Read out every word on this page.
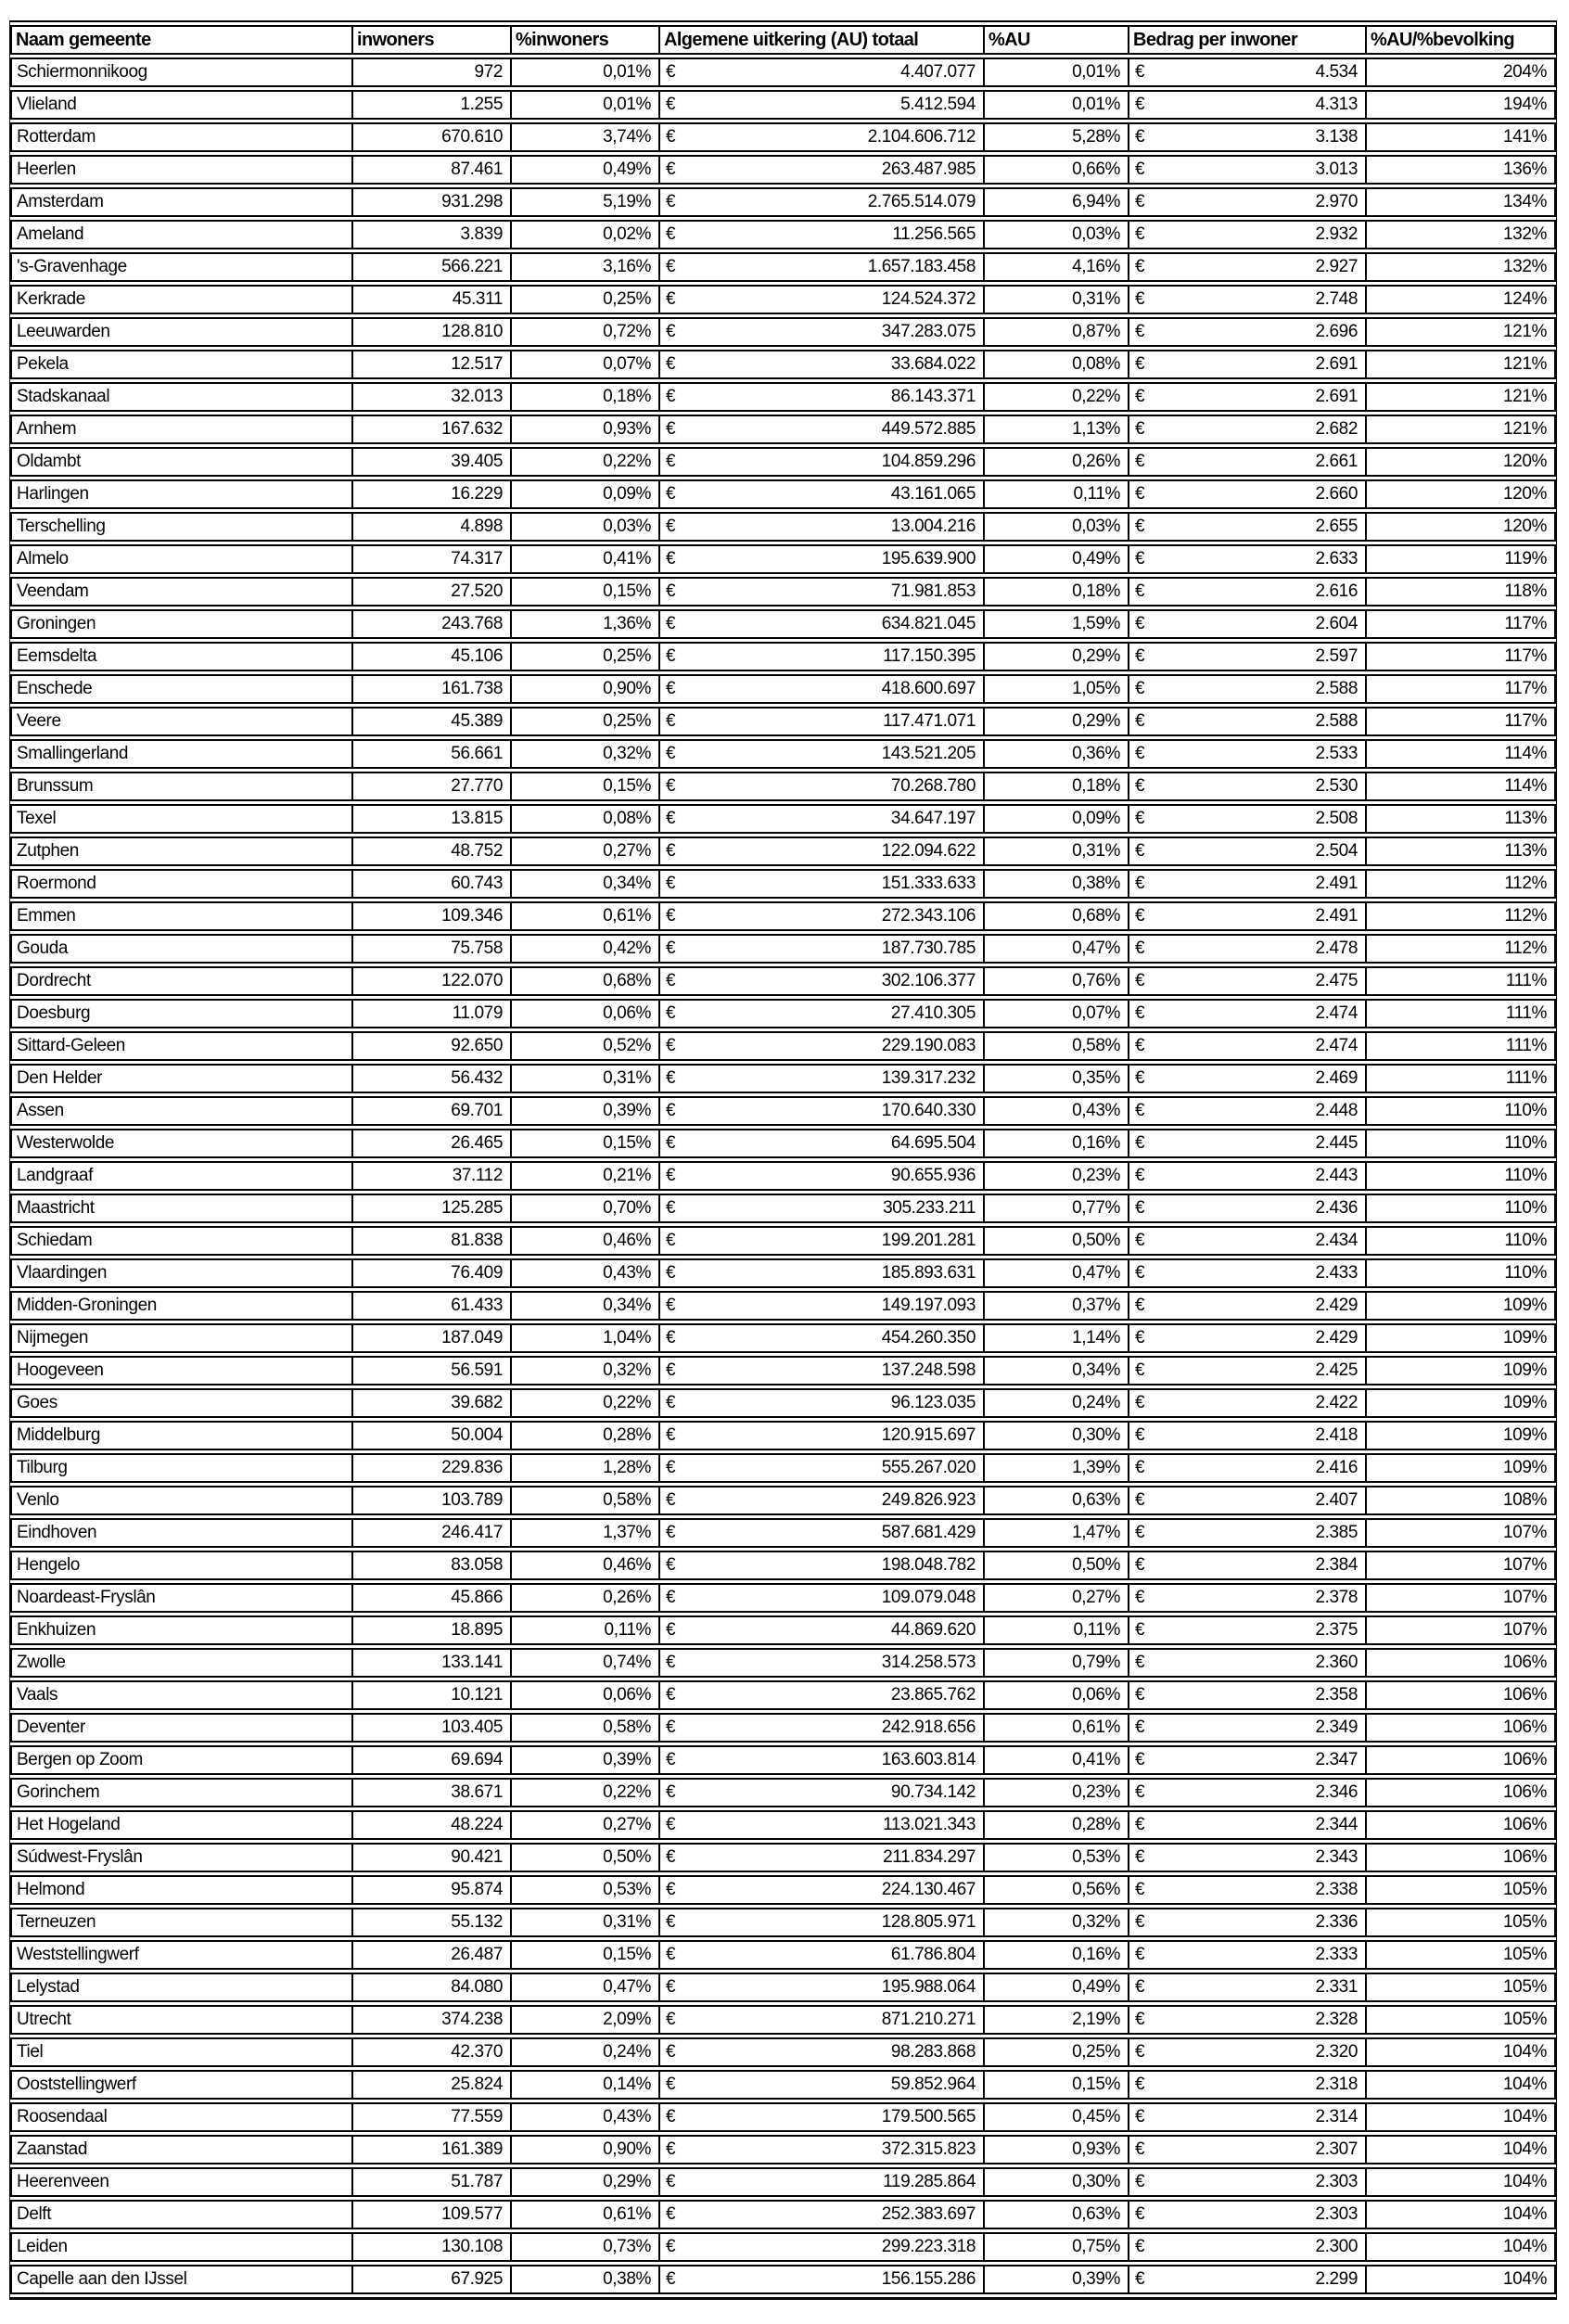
Naam gemeente	inwoners	%inwoners	Algemene uitkering (AU) totaal	%AU	Bedrag per inwoner	%AU/%bevolking
Schiermonnikoog	972	0,01%	€ 4.407.077	0,01%	€ 4.534	204%
Vlieland	1.255	0,01%	€ 5.412.594	0,01%	€ 4.313	194%
Rotterdam	670.610	3,74%	€ 2.104.606.712	5,28%	€ 3.138	141%
Heerlen	87.461	0,49%	€ 263.487.985	0,66%	€ 3.013	136%
Amsterdam	931.298	5,19%	€ 2.765.514.079	6,94%	€ 2.970	134%
Ameland	3.839	0,02%	€ 11.256.565	0,03%	€ 2.932	132%
's-Gravenhage	566.221	3,16%	€ 1.657.183.458	4,16%	€ 2.927	132%
Kerkrade	45.311	0,25%	€ 124.524.372	0,31%	€ 2.748	124%
Leeuwarden	128.810	0,72%	€ 347.283.075	0,87%	€ 2.696	121%
Pekela	12.517	0,07%	€ 33.684.022	0,08%	€ 2.691	121%
Stadskanaal	32.013	0,18%	€ 86.143.371	0,22%	€ 2.691	121%
Arnhem	167.632	0,93%	€ 449.572.885	1,13%	€ 2.682	121%
Oldambt	39.405	0,22%	€ 104.859.296	0,26%	€ 2.661	120%
Harlingen	16.229	0,09%	€ 43.161.065	0,11%	€ 2.660	120%
Terschelling	4.898	0,03%	€ 13.004.216	0,03%	€ 2.655	120%
Almelo	74.317	0,41%	€ 195.639.900	0,49%	€ 2.633	119%
Veendam	27.520	0,15%	€ 71.981.853	0,18%	€ 2.616	118%
Groningen	243.768	1,36%	€ 634.821.045	1,59%	€ 2.604	117%
Eemsdelta	45.106	0,25%	€ 117.150.395	0,29%	€ 2.597	117%
Enschede	161.738	0,90%	€ 418.600.697	1,05%	€ 2.588	117%
Veere	45.389	0,25%	€ 117.471.071	0,29%	€ 2.588	117%
Smallingerland	56.661	0,32%	€ 143.521.205	0,36%	€ 2.533	114%
Brunssum	27.770	0,15%	€ 70.268.780	0,18%	€ 2.530	114%
Texel	13.815	0,08%	€ 34.647.197	0,09%	€ 2.508	113%
Zutphen	48.752	0,27%	€ 122.094.622	0,31%	€ 2.504	113%
Roermond	60.743	0,34%	€ 151.333.633	0,38%	€ 2.491	112%
Emmen	109.346	0,61%	€ 272.343.106	0,68%	€ 2.491	112%
Gouda	75.758	0,42%	€ 187.730.785	0,47%	€ 2.478	112%
Dordrecht	122.070	0,68%	€ 302.106.377	0,76%	€ 2.475	111%
Doesburg	11.079	0,06%	€ 27.410.305	0,07%	€ 2.474	111%
Sittard-Geleen	92.650	0,52%	€ 229.190.083	0,58%	€ 2.474	111%
Den Helder	56.432	0,31%	€ 139.317.232	0,35%	€ 2.469	111%
Assen	69.701	0,39%	€ 170.640.330	0,43%	€ 2.448	110%
Westerwolde	26.465	0,15%	€ 64.695.504	0,16%	€ 2.445	110%
Landgraaf	37.112	0,21%	€ 90.655.936	0,23%	€ 2.443	110%
Maastricht	125.285	0,70%	€ 305.233.211	0,77%	€ 2.436	110%
Schiedam	81.838	0,46%	€ 199.201.281	0,50%	€ 2.434	110%
Vlaardingen	76.409	0,43%	€ 185.893.631	0,47%	€ 2.433	110%
Midden-Groningen	61.433	0,34%	€ 149.197.093	0,37%	€ 2.429	109%
Nijmegen	187.049	1,04%	€ 454.260.350	1,14%	€ 2.429	109%
Hoogeveen	56.591	0,32%	€ 137.248.598	0,34%	€ 2.425	109%
Goes	39.682	0,22%	€ 96.123.035	0,24%	€ 2.422	109%
Middelburg	50.004	0,28%	€ 120.915.697	0,30%	€ 2.418	109%
Tilburg	229.836	1,28%	€ 555.267.020	1,39%	€ 2.416	109%
Venlo	103.789	0,58%	€ 249.826.923	0,63%	€ 2.407	108%
Eindhoven	246.417	1,37%	€ 587.681.429	1,47%	€ 2.385	107%
Hengelo	83.058	0,46%	€ 198.048.782	0,50%	€ 2.384	107%
Noardeast-Fryslân	45.866	0,26%	€ 109.079.048	0,27%	€ 2.378	107%
Enkhuizen	18.895	0,11%	€ 44.869.620	0,11%	€ 2.375	107%
Zwolle	133.141	0,74%	€ 314.258.573	0,79%	€ 2.360	106%
Vaals	10.121	0,06%	€ 23.865.762	0,06%	€ 2.358	106%
Deventer	103.405	0,58%	€ 242.918.656	0,61%	€ 2.349	106%
Bergen op Zoom	69.694	0,39%	€ 163.603.814	0,41%	€ 2.347	106%
Gorinchem	38.671	0,22%	€ 90.734.142	0,23%	€ 2.346	106%
Het Hogeland	48.224	0,27%	€ 113.021.343	0,28%	€ 2.344	106%
Súdwest-Fryslân	90.421	0,50%	€ 211.834.297	0,53%	€ 2.343	106%
Helmond	95.874	0,53%	€ 224.130.467	0,56%	€ 2.338	105%
Terneuzen	55.132	0,31%	€ 128.805.971	0,32%	€ 2.336	105%
Weststellingwerf	26.487	0,15%	€ 61.786.804	0,16%	€ 2.333	105%
Lelystad	84.080	0,47%	€ 195.988.064	0,49%	€ 2.331	105%
Utrecht	374.238	2,09%	€ 871.210.271	2,19%	€ 2.328	105%
Tiel	42.370	0,24%	€ 98.283.868	0,25%	€ 2.320	104%
Ooststellingwerf	25.824	0,14%	€ 59.852.964	0,15%	€ 2.318	104%
Roosendaal	77.559	0,43%	€ 179.500.565	0,45%	€ 2.314	104%
Zaanstad	161.389	0,90%	€ 372.315.823	0,93%	€ 2.307	104%
Heerenveen	51.787	0,29%	€ 119.285.864	0,30%	€ 2.303	104%
Delft	109.577	0,61%	€ 252.383.697	0,63%	€ 2.303	104%
Leiden	130.108	0,73%	€ 299.223.318	0,75%	€ 2.300	104%
Capelle aan den IJssel	67.925	0,38%	€ 156.155.286	0,39%	€ 2.299	104%
